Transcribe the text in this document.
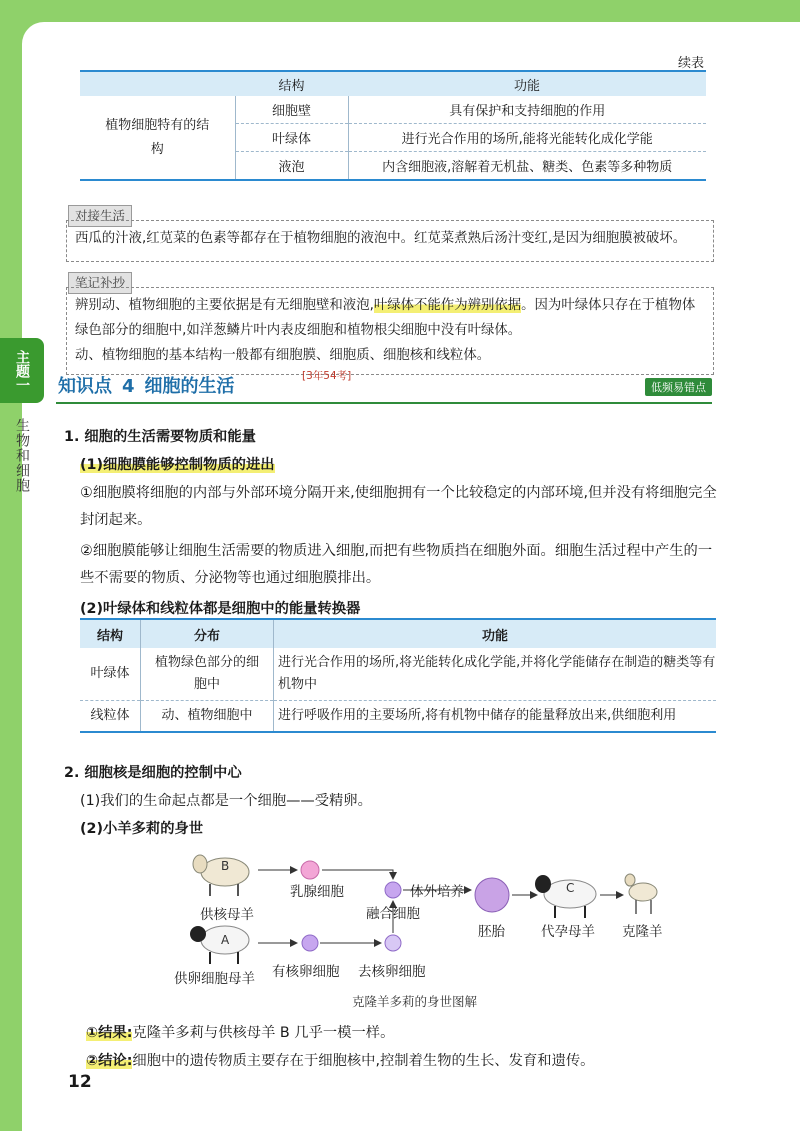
续表
	结构	功能
植物细胞特有的结构	细胞壁	具有保护和支持细胞的作用
	叶绿体	进行光合作用的场所,能将光能转化成化学能
	液泡	内含细胞液,溶解着无机盐、糖类、色素等多种物质
对接生活
西瓜的汁液,红苋菜的色素等都存在于植物细胞的液泡中。红苋菜煮熟后汤汁变红,是因为细胞膜被破坏。
笔记补抄
辨别动、植物细胞的主要依据是有无细胞壁和液泡,叶绿体不能作为辨别依据。因为叶绿体只存在于植物体绿色部分的细胞中,如洋葱鳞片叶内表皮细胞和植物根尖细胞中没有叶绿体。
动、植物细胞的基本结构一般都有细胞膜、细胞质、细胞核和线粒体。
主题一
生物和细胞
知识点 4 细胞的生活	[3年54考]
低频易错点
1. 细胞的生活需要物质和能量
(1)细胞膜能够控制物质的进出
①细胞膜将细胞的内部与外部环境分隔开来,使细胞拥有一个比较稳定的内部环境,但并没有将细胞完全封闭起来。
②细胞膜能够让细胞生活需要的物质进入细胞,而把有些物质挡在细胞外面。细胞生活过程中产生的一些不需要的物质、分泌物等也通过细胞膜排出。
(2)叶绿体和线粒体都是细胞中的能量转换器
结构	分布	功能
叶绿体	植物绿色部分的细胞中	进行光合作用的场所,将光能转化成化学能,并将化学能储存在制造的糖类等有机物中
线粒体	动、植物细胞中	进行呼吸作用的主要场所,将有机物中储存的能量释放出来,供细胞利用
2. 细胞核是细胞的控制中心
(1)我们的生命起点都是一个细胞——受精卵。
(2)小羊多莉的身世
B
A
C
供核母羊
乳腺细胞	体外培养
融合细胞
胚胎	代孕母羊 克隆羊
供卵细胞母羊 有核卵细胞 去核卵细胞
克隆羊多莉的身世图解
①结果:克隆羊多莉与供核母羊 B 几乎一模一样。
②结论:细胞中的遗传物质主要存在于细胞核中,控制着生物的生长、发育和遗传。
12
